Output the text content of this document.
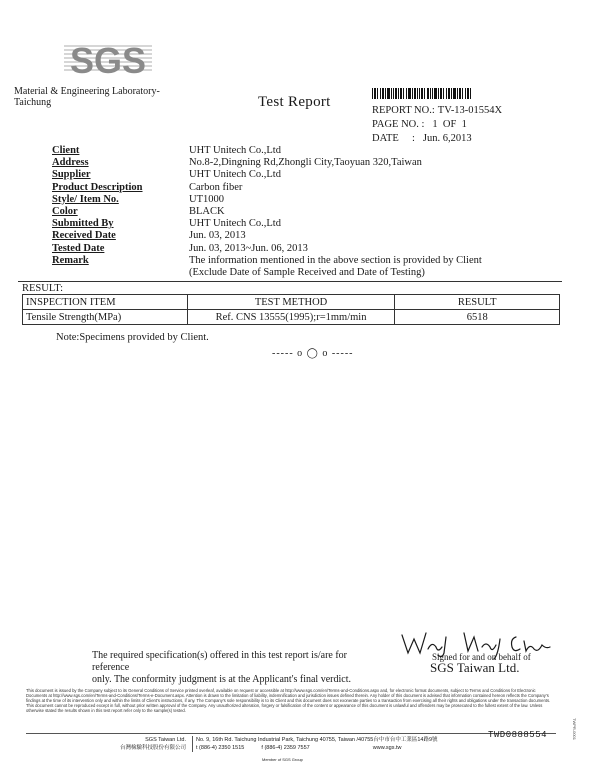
SGS
Material & Engineering Laboratory-
Taichung	Test Report
REPORT NO.: TV-13-01554X
PAGE NO. : 1  OF  1
DATE     : Jun. 6,2013
Client	UHT Unitech Co.,Ltd
Address	No.8-2,Dingning Rd,Zhongli City,Taoyuan 320,Taiwan
Supplier	UHT Unitech Co.,Ltd
Product Description	Carbon fiber
Style/ Item No.	UT1000
Color	BLACK
Submitted By	UHT Unitech Co.,Ltd
Received Date	Jun. 03, 2013
Tested Date	Jun. 03, 2013~Jun. 06, 2013
Remark	The information mentioned in the above section is provided by Client
(Exclude Date of Sample Received and Date of Testing)
RESULT:
INSPECTION ITEM	TEST METHOD	RESULT
Tensile Strength(MPa)	Ref. CNS 13555(1995);r=1mm/min	6518
Note:Specimens provided by Client.
----- o ◯ o -----
The required specification(s) offered in this test report is/are for reference
only. The conformity judgment is at the Applicant's final verdict.
Signed for and on behalf of
SGS Taiwan Ltd.
This document is issued by the Company subject to its General Conditions of Service printed overleaf, available on request or accessible at http://www.sgs.com/en/Terms-and-Conditions.aspx and, for electronic format documents, subject to Terms and Conditions for Electronic Documents at http://www.sgs.com/en/Terms-and-Conditions/Terms-e-Document.aspx. Attention is drawn to the limitation of liability, indemnification and jurisdiction issues defined therein. Any holder of this document is advised that information contained hereon reflects the Company's findings at the time of its intervention only and within the limits of Client's instructions, if any. The Company's sole responsibility is to its Client and this document does not exonerate parties to a transaction from exercising all their rights and obligations under the transaction documents. This document cannot be reproduced except in full, without prior written approval of the Company. Any unauthorized alteration, forgery or falsification of the content or appearance of this document is unlawful and offenders may be prosecuted to the fullest extent of the law. Unless otherwise stated the results shown in this test report refer only to the sample(s) tested.
SGS Taiwan Ltd.
台灣檢驗科技股份有限公司
No. 9, 16th Rd. Taichung Industrial Park, Taichung 40755, Taiwan /40755台中市台中工業區14路9號
t (886-4) 2350 1515	f (886-4) 2359 7557	www.sgs.tw
TWD0888554
Member of SGS Group
TWPR-0001
